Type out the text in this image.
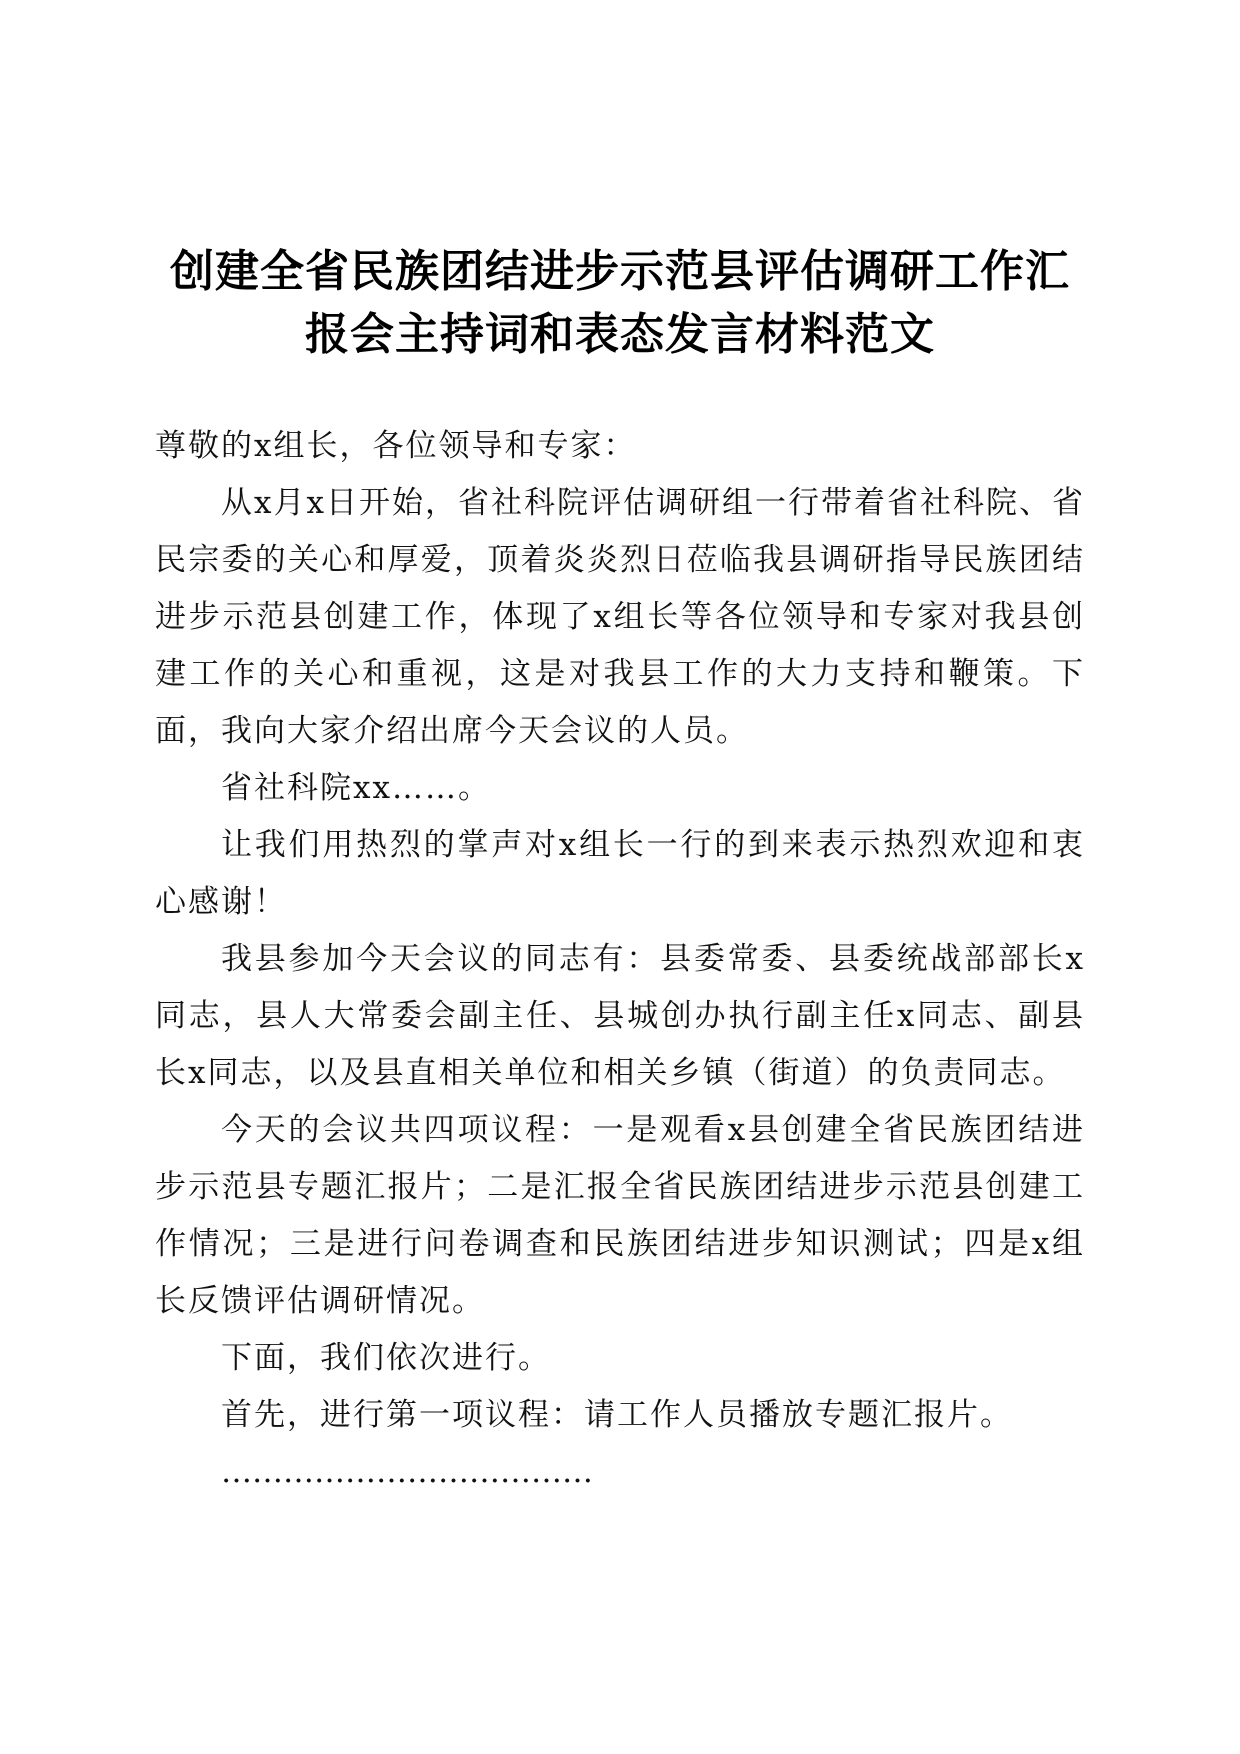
创建全省民族团结进步示范县评估调研工作汇
报会主持词和表态发言材料范文

尊敬的x组长，各位领导和专家：

从x月x日开始，省社科院评估调研组一行带着省社科院、省民宗委的关心和厚爱，顶着炎炎烈日莅临我县调研指导民族团结进步示范县创建工作，体现了x组长等各位领导和专家对我县创建工作的关心和重视，这是对我县工作的大力支持和鞭策。下面，我向大家介绍出席今天会议的人员。

省社科院xx……。

让我们用热烈的掌声对x组长一行的到来表示热烈欢迎和衷心感谢！

我县参加今天会议的同志有：县委常委、县委统战部部长x同志，县人大常委会副主任、县城创办执行副主任x同志、副县长x同志，以及县直相关单位和相关乡镇（街道）的负责同志。

今天的会议共四项议程：一是观看x县创建全省民族团结进步示范县专题汇报片；二是汇报全省民族团结进步示范县创建工作情况；三是进行问卷调查和民族团结进步知识测试；四是x组长反馈评估调研情况。

下面，我们依次进行。

首先，进行第一项议程：请工作人员播放专题汇报片。

………………………………
